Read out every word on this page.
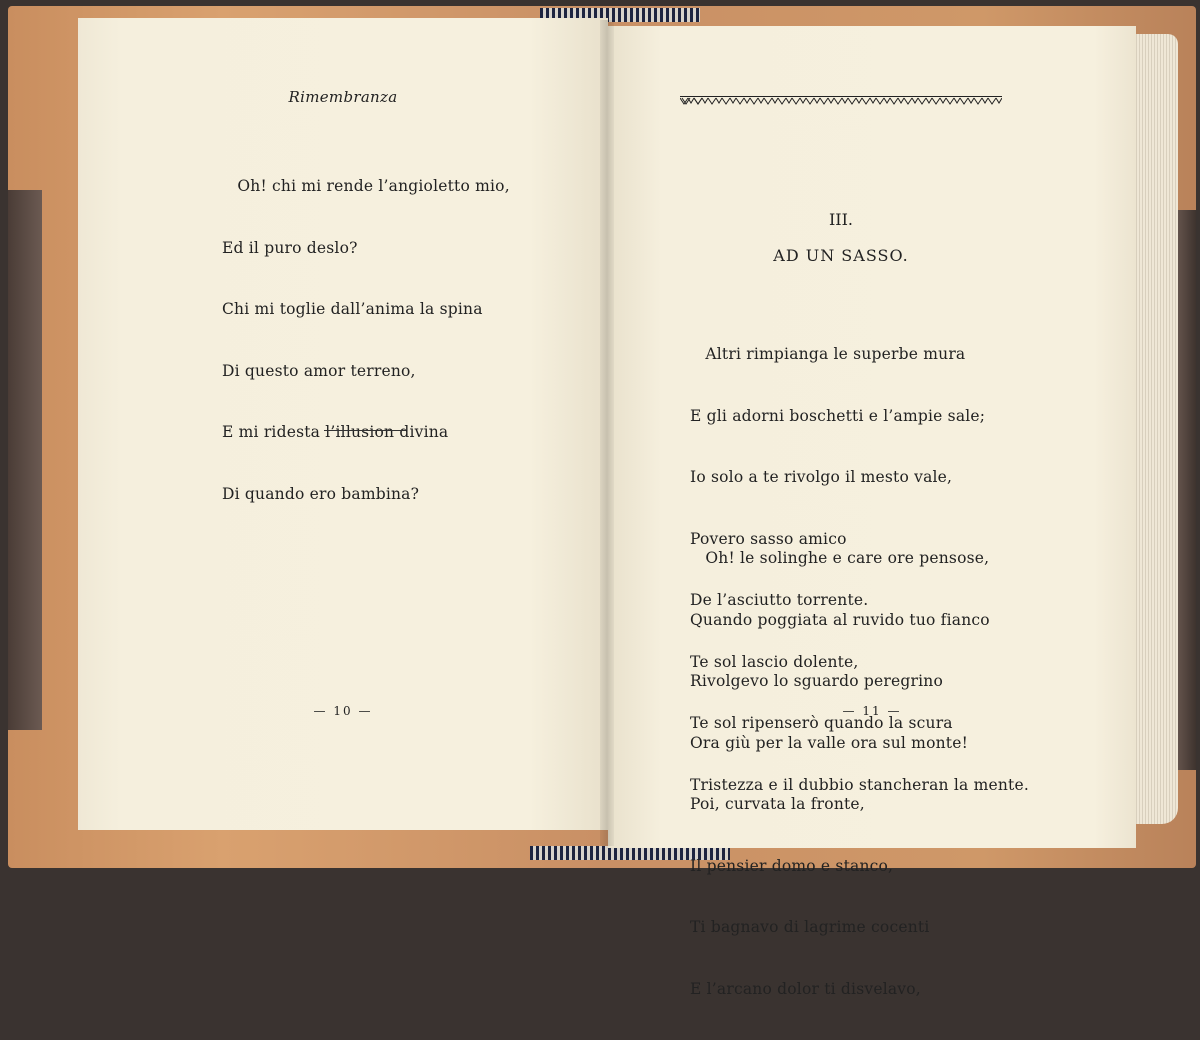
Rimembranza

Oh! chi mi rende l’angioletto mio,

Ed il puro deslo?

Chi mi toglie dall’anima la spina

Di questo amor terreno,

E mi ridesta l’illusion divina

Di quando ero bambina?

— 10 —
III.
AD UN SASSO.

Altri rimpianga le superbe mura

E gli adorni boschetti e l’ampie sale;

Io solo a te rivolgo il mesto vale,

Povero sasso amico

De l’asciutto torrente.

Te sol lascio dolente,

Te sol ripenserò quando la scura

Tristezza e il dubbio stancheran la mente.

Oh! le solinghe e care ore pensose,

Quando poggiata al ruvido tuo fianco

Rivolgevo lo sguardo peregrino

Ora giù per la valle ora sul monte!

Poi, curvata la fronte,

Il pensier domo e stanco,

Ti bagnavo di lagrime cocenti

E l’arcano dolor ti disvelavo,

— 11 —
